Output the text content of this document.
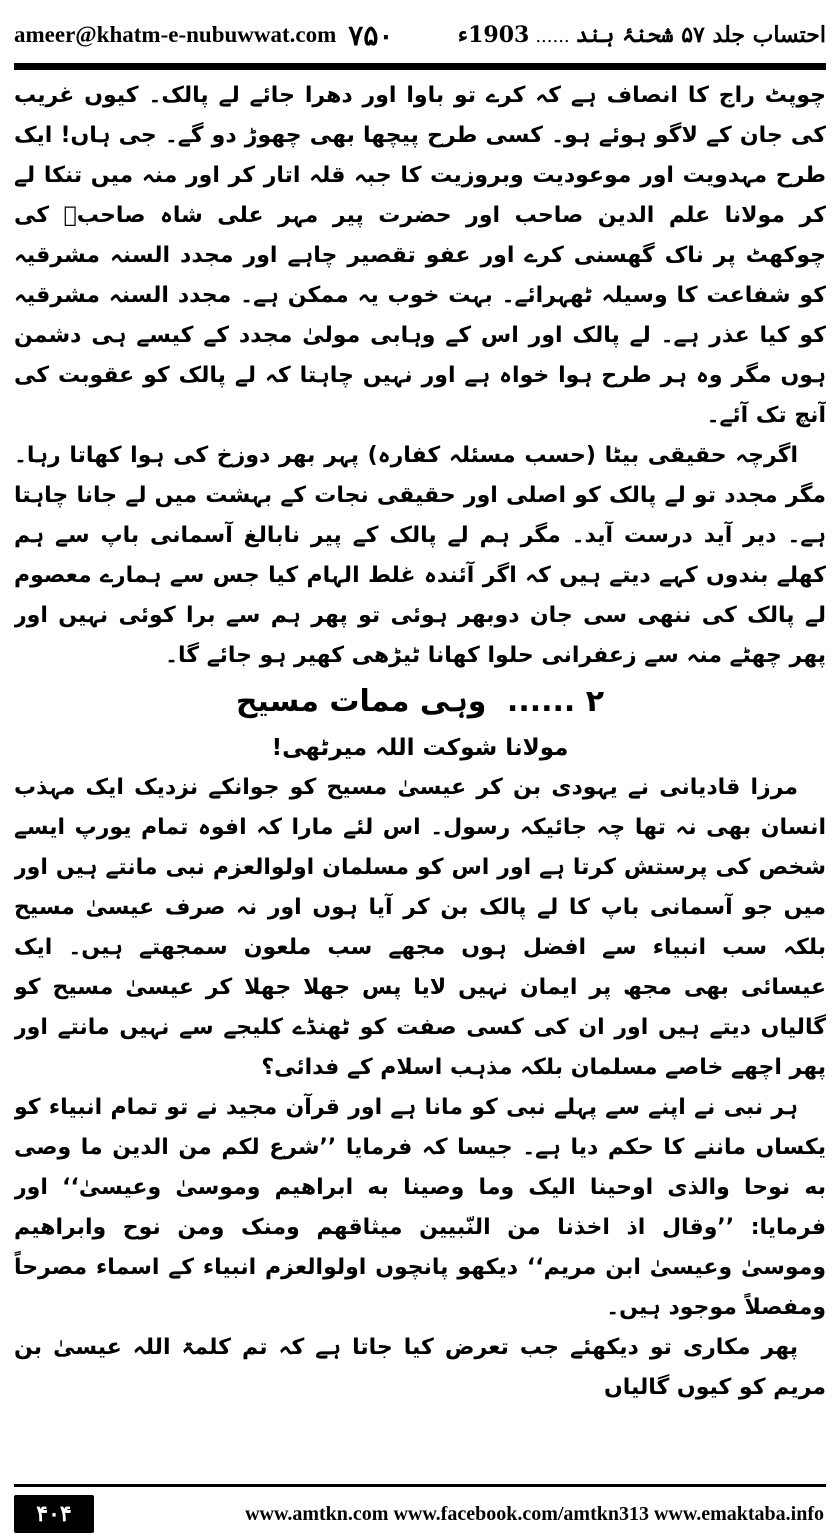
احتساب جلد ۵۷ شحنۂ ہند
......
1903ء
ameer@khatm-e-nubuwwat.com ۷۵۰

چوپٹ راج کا انصاف ہے کہ کرے تو باوا اور دھرا جائے لے پالک۔ کیوں غریب کی جان کے لاگو ہوئے ہو۔ کسی طرح پیچھا بھی چھوڑ دو گے۔ جی ہاں! ایک طرح مہدویت اور موعودیت وبروزیت کا جبہ قلہ اتار کر اور منہ میں تنکا لے کر مولانا علم الدین صاحب اور حضرت پیر مہر علی شاہ صاحبؒ کی چوکھٹ پر ناک گھسنی کرے اور عفو تقصیر چاہے اور مجدد السنہ مشرقیہ کو شفاعت کا وسیلہ ٹھہرائے۔ بہت خوب یہ ممکن ہے۔ مجدد السنہ مشرقیہ کو کیا عذر ہے۔ لے پالک اور اس کے وہابی مولیٰ مجدد کے کیسے ہی دشمن ہوں مگر وہ ہر طرح ہوا خواہ ہے اور نہیں چاہتا کہ لے پالک کو عقوبت کی آنچ تک آئے۔

اگرچہ حقیقی بیٹا (حسب مسئلہ کفارہ) پہر بھر دوزخ کی ہوا کھاتا رہا۔ مگر مجدد تو لے پالک کو اصلی اور حقیقی نجات کے بہشت میں لے جانا چاہتا ہے۔ دیر آید درست آید۔ مگر ہم لے پالک کے پیر نابالغ آسمانی باپ سے ہم کھلے بندوں کہے دیتے ہیں کہ اگر آئندہ غلط الہام کیا جس سے ہمارے معصوم لے پالک کی ننھی سی جان دوبھر ہوئی تو پھر ہم سے برا کوئی نہیں اور پھر چھٹے منہ سے زعفرانی حلوا کھانا ٹیڑھی کھیر ہو جائے گا۔

۲ ...... وہی ممات مسیح
مولانا شوکت اللہ میرٹھی!

مرزا قادیانی نے یہودی بن کر عیسیٰ مسیح کو جوانکے نزدیک ایک مہذب انسان بھی نہ تھا چہ جائیکہ رسول۔ اس لئے مارا کہ افوہ تمام یورپ ایسے شخص کی پرستش کرتا ہے اور اس کو مسلمان اولوالعزم نبی مانتے ہیں اور میں جو آسمانی باپ کا لے پالک بن کر آیا ہوں اور نہ صرف عیسیٰ مسیح بلکہ سب انبیاء سے افضل ہوں مجھے سب ملعون سمجھتے ہیں۔ ایک عیسائی بھی مجھ پر ایمان نہیں لایا پس جھلا جھلا کر عیسیٰ مسیح کو گالیاں دیتے ہیں اور ان کی کسی صفت کو ٹھنڈے کلیجے سے نہیں مانتے اور پھر اچھے خاصے مسلمان بلکہ مذہب اسلام کے فدائی؟

ہر نبی نے اپنے سے پہلے نبی کو مانا ہے اور قرآن مجید نے تو تمام انبیاء کو یکساں ماننے کا حکم دیا ہے۔ جیسا کہ فرمایا ’’شرع لکم من الدین ما وصی به نوحا والذی اوحینا الیک وما وصینا به ابراهیم وموسیٰ وعیسیٰ‘‘ اور فرمایا: ’’وقال اذ اخذنا من النّبیین میثاقهم ومنک ومن نوح وابراهیم وموسیٰ وعیسیٰ ابن مریم‘‘ دیکھو پانچوں اولوالعزم انبیاء کے اسماء مصرحاً ومفصلاً موجود ہیں۔

پھر مکاری تو دیکھئے جب تعرض کیا جاتا ہے کہ تم کلمۃ اللہ عیسیٰ بن مریم کو کیوں گالیاں

۴۰۴	www.amtkn.com www.facebook.com/amtkn313 www.emaktaba.info
